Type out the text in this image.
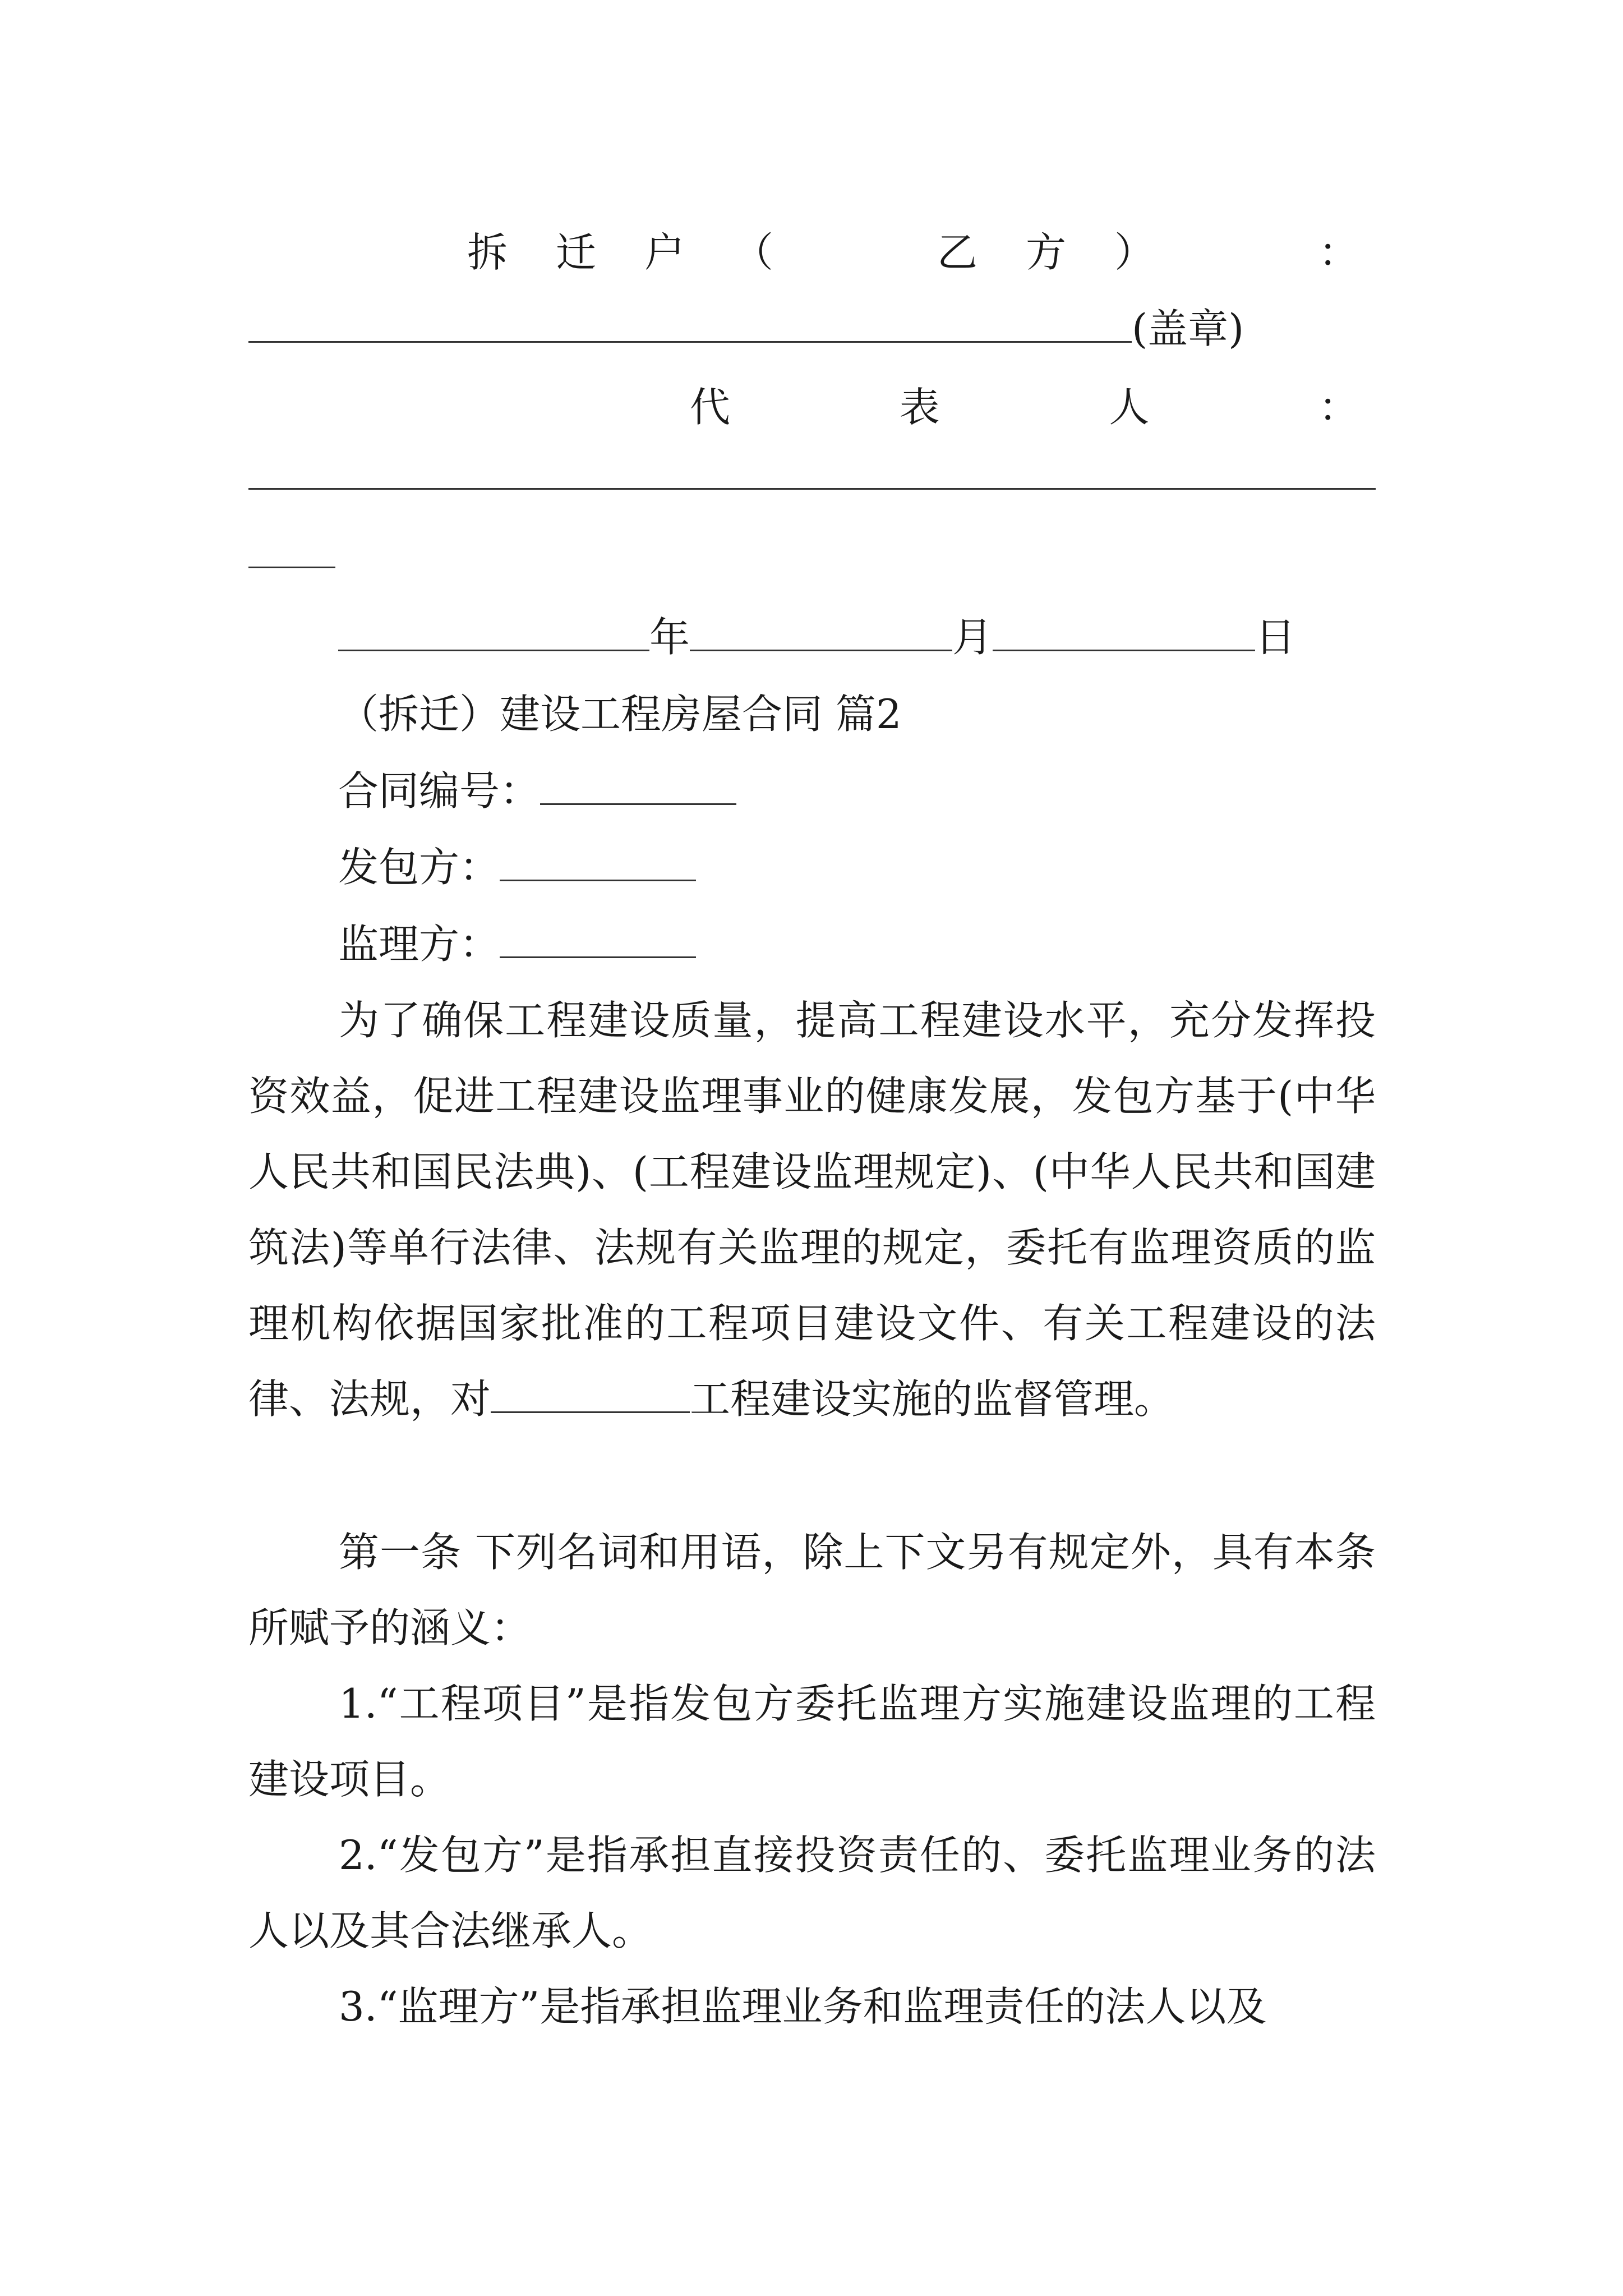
拆 迁 户 （	乙 方 ）	：
(盖章)
代	表	人	：
年	月	日
（拆迁）建设工程房屋合同 篇2
合同编号：
发包方：
监理方：
为了确保工程建设质量，提高工程建设水平，充分发挥投资效益，促进工程建设监理事业的健康发展，发包方基于(中华人民共和国民法典)、(工程建设监理规定)、(中华人民共和国建筑法)等单行法律、法规有关监理的规定，委托有监理资质的监理机构依据国家批准的工程项目建设文件、有关工程建设的法律、法规，对	工程建设实施的监督管理。
第一条 下列名词和用语，除上下文另有规定外，具有本条所赋予的涵义：
1.“工程项目”是指发包方委托监理方实施建设监理的工程建设项目。
2.“发包方”是指承担直接投资责任的、委托监理业务的法人以及其合法继承人。
3.“监理方”是指承担监理业务和监理责任的法人以及
